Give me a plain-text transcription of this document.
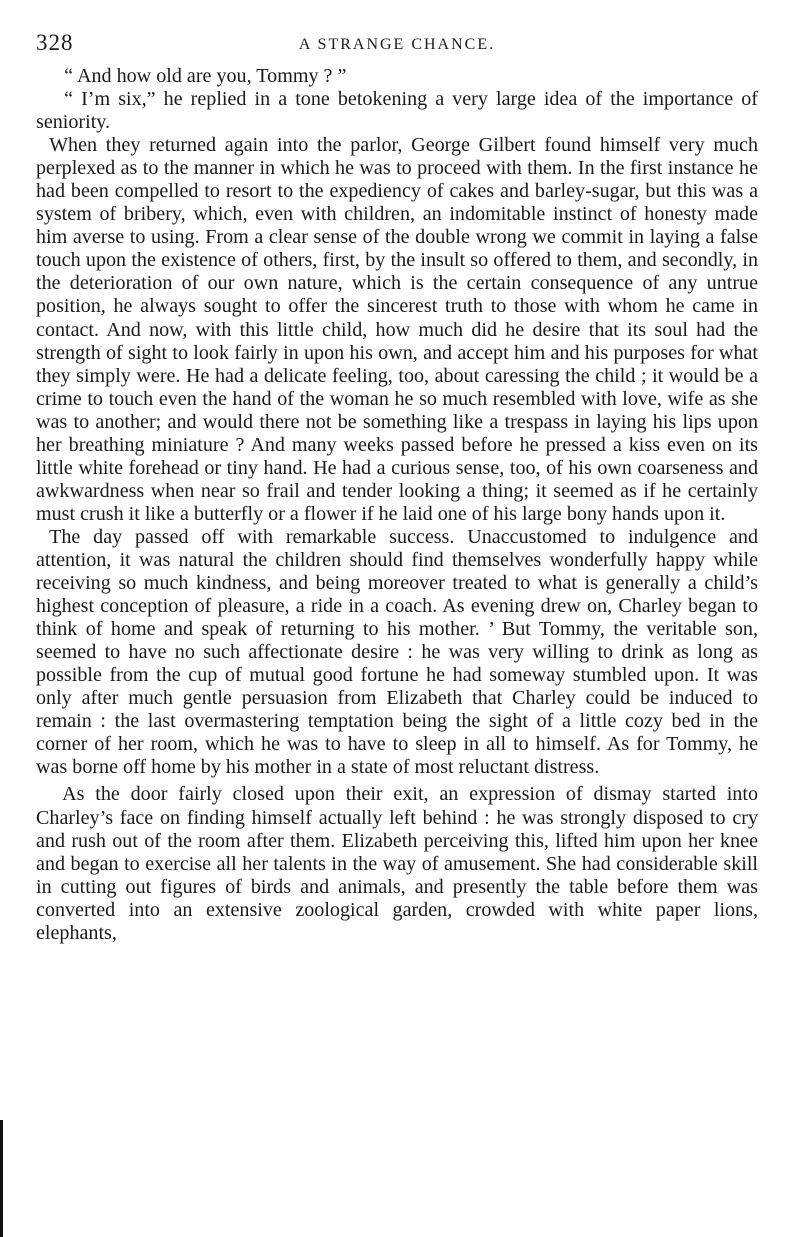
328	A STRANGE CHANCE.

“ And how old are you, Tommy ? ”

“ I’m six,” he replied in a tone betokening a very large idea of the importance of seniority.

When they returned again into the parlor, George Gilbert found himself very much perplexed as to the manner in which he was to proceed with them. In the first instance he had been compelled to resort to the expediency of cakes and barley-sugar, but this was a system of bribery, which, even with children, an indomitable instinct of honesty made him averse to using. From a clear sense of the double wrong we commit in laying a false touch upon the existence of others, first, by the insult so offered to them, and secondly, in the deterioration of our own nature, which is the certain consequence of any untrue position, he always sought to offer the sincerest truth to those with whom he came in contact. And now, with this little child, how much did he desire that its soul had the strength of sight to look fairly in upon his own, and accept him and his purposes for what they simply were. He had a delicate feeling, too, about caressing the child ; it would be a crime to touch even the hand of the woman he so much resembled with love, wife as she was to another; and would there not be something like a trespass in laying his lips upon her breathing miniature ? And many weeks passed before he pressed a kiss even on its little white forehead or tiny hand. He had a curious sense, too, of his own coarseness and awkwardness when near so frail and tender looking a thing; it seemed as if he certainly must crush it like a butterfly or a flower if he laid one of his large bony hands upon it.

The day passed off with remarkable success. Unaccustomed to indulgence and attention, it was natural the children should find themselves wonderfully happy while receiving so much kindness, and being moreover treated to what is generally a child’s highest conception of pleasure, a ride in a coach. As evening drew on, Charley began to think of home and speak of returning to his mother. ’ But Tommy, the veritable son, seemed to have no such affectionate desire : he was very willing to drink as long as possible from the cup of mutual good fortune he had someway stumbled upon. It was only after much gentle persuasion from Elizabeth that Charley could be induced to remain : the last overmastering temptation being the sight of a little cozy bed in the corner of her room, which he was to have to sleep in all to himself. As for Tommy, he was borne off home by his mother in a state of most reluctant distress.

As the door fairly closed upon their exit, an expression of dismay started into Charley’s face on finding himself actually left behind : he was strongly disposed to cry and rush out of the room after them. Elizabeth perceiving this, lifted him upon her knee and began to exercise all her talents in the way of amusement. She had considerable skill in cutting out figures of birds and animals, and presently the table before them was converted into an extensive zoological garden, crowded with white paper lions, elephants,
